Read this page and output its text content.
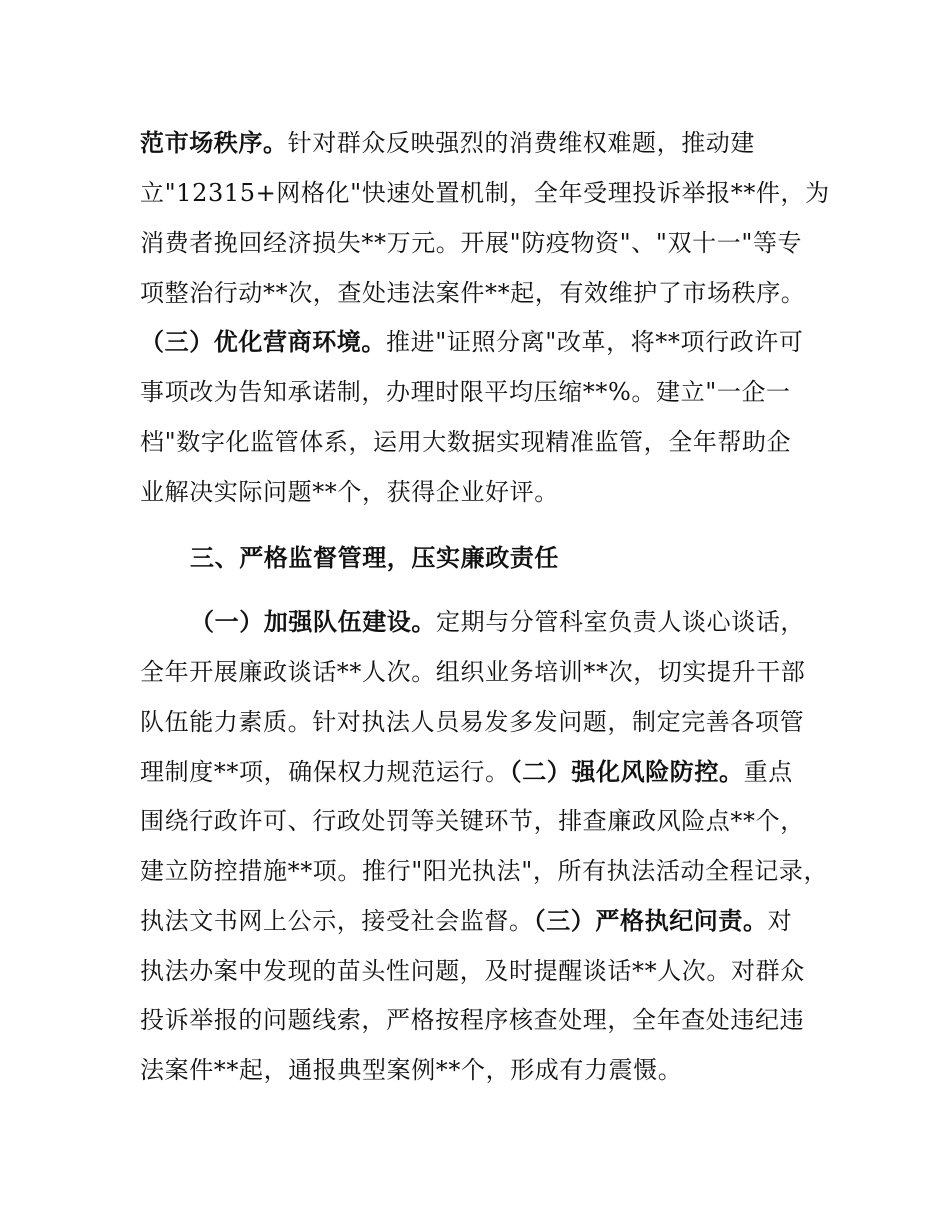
范市场秩序。针对群众反映强烈的消费维权难题，推动建
立"12315+网格化"快速处置机制，全年受理投诉举报**件，为
消费者挽回经济损失**万元。开展"防疫物资"、"双十一"等专
项整治行动**次，查处违法案件**起，有效维护了市场秩序。
（三）优化营商环境。推进"证照分离"改革，将**项行政许可
事项改为告知承诺制，办理时限平均压缩**%。建立"一企一
档"数字化监管体系，运用大数据实现精准监管，全年帮助企
业解决实际问题**个，获得企业好评。
三、严格监督管理，压实廉政责任
（一）加强队伍建设。定期与分管科室负责人谈心谈话，
全年开展廉政谈话**人次。组织业务培训**次，切实提升干部
队伍能力素质。针对执法人员易发多发问题，制定完善各项管
理制度**项，确保权力规范运行。（二）强化风险防控。重点
围绕行政许可、行政处罚等关键环节，排查廉政风险点**个，
建立防控措施**项。推行"阳光执法"，所有执法活动全程记录，
执法文书网上公示，接受社会监督。（三）严格执纪问责。对
执法办案中发现的苗头性问题，及时提醒谈话**人次。对群众
投诉举报的问题线索，严格按程序核查处理，全年查处违纪违
法案件**起，通报典型案例**个，形成有力震慑。
